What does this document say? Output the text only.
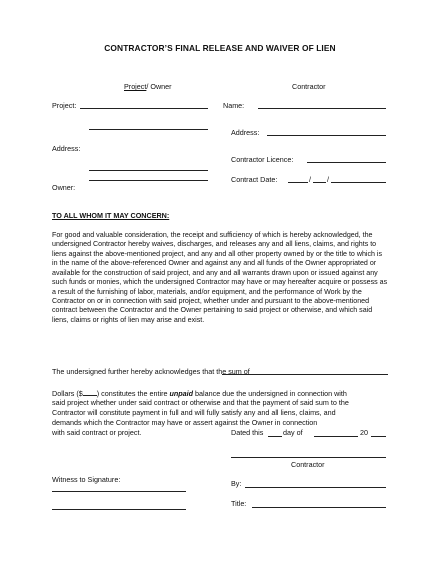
CONTRACTOR’S FINAL RELEASE AND WAIVER OF LIEN
Project/ Owner	Contractor
Project:
Address:
Owner:
Name:
Address:
Contractor Licence:
Contract Date:	/ /
TO ALL WHOM IT MAY CONCERN:
For good and valuable consideration, the receipt and sufficiency of which is hereby acknowledged, the undersigned Contractor hereby waives, discharges, and releases any and all liens, claims, and rights to liens against the above-mentioned project, and any and all other property owned by or the title to which is in the name of the above-referenced Owner and against any and all funds of the Owner appropriated or available for the construction of said project, and any and all warrants drawn upon or issued against any such funds or monies, which the undersigned Contractor may have or may hereafter acquire or possess as a result of the furnishing of labor, materials, and/or equipment, and the performance of Work by the Contractor on or in connection with said project, whether under and pursuant to the above-mentioned contract between the Contractor and the Owner pertaining to said project or otherwise, and which said liens, claims or rights of lien may arise and exist.
The undersigned further hereby acknowledges that the sum of
Dollars ($ ) constitutes the entire unpaid balance due the undersigned in connection with
said project whether under said contract or otherwise and that the payment of said sum to the
Contractor will constitute payment in full and will fully satisfy any and all liens, claims, and
demands which the Contractor may have or assert against the Owner in connection
with said contract or project.	Dated this	day of	20
Contractor
By:
Title:
Witness to Signature:
